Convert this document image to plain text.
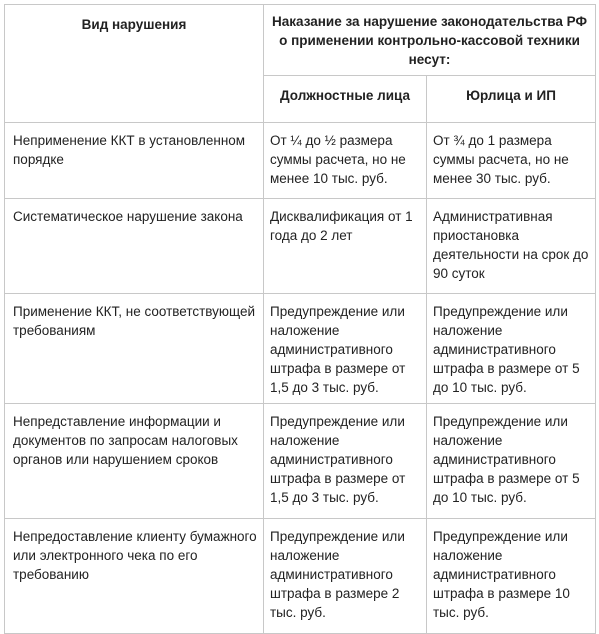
Вид нарушения	Наказание за нарушение законодательства РФ о применении контрольно-кассовой техники несут:	
	Должностные лица	Юрлица и ИП
Неприменение ККТ в установленном порядке	От ¼ до ½ размера суммы расчета, но не менее 10 тыс. руб.	От ¾ до 1 размера суммы расчета, но не менее 30 тыс. руб.
Систематическое нарушение закона	Дисквалификация от 1 года до 2 лет	Административная приостановка деятельности на срок до 90 суток
Применение ККТ, не соответствующей требованиям	Предупреждение или наложение административного штрафа в размере от 1,5 до 3 тыс. руб.	Предупреждение или наложение административного штрафа в размере от 5 до 10 тыс. руб.
Непредставление информации и документов по запросам налоговых органов или нарушением сроков	Предупреждение или наложение административного штрафа в размере от 1,5 до 3 тыс. руб.	Предупреждение или наложение административного штрафа в размере от 5 до 10 тыс. руб.
Непредоставление клиенту бумажного или электронного чека по его требованию	Предупреждение или наложение административного штрафа в размере 2 тыс. руб.	Предупреждение или наложение административного штрафа в размере 10 тыс. руб.
